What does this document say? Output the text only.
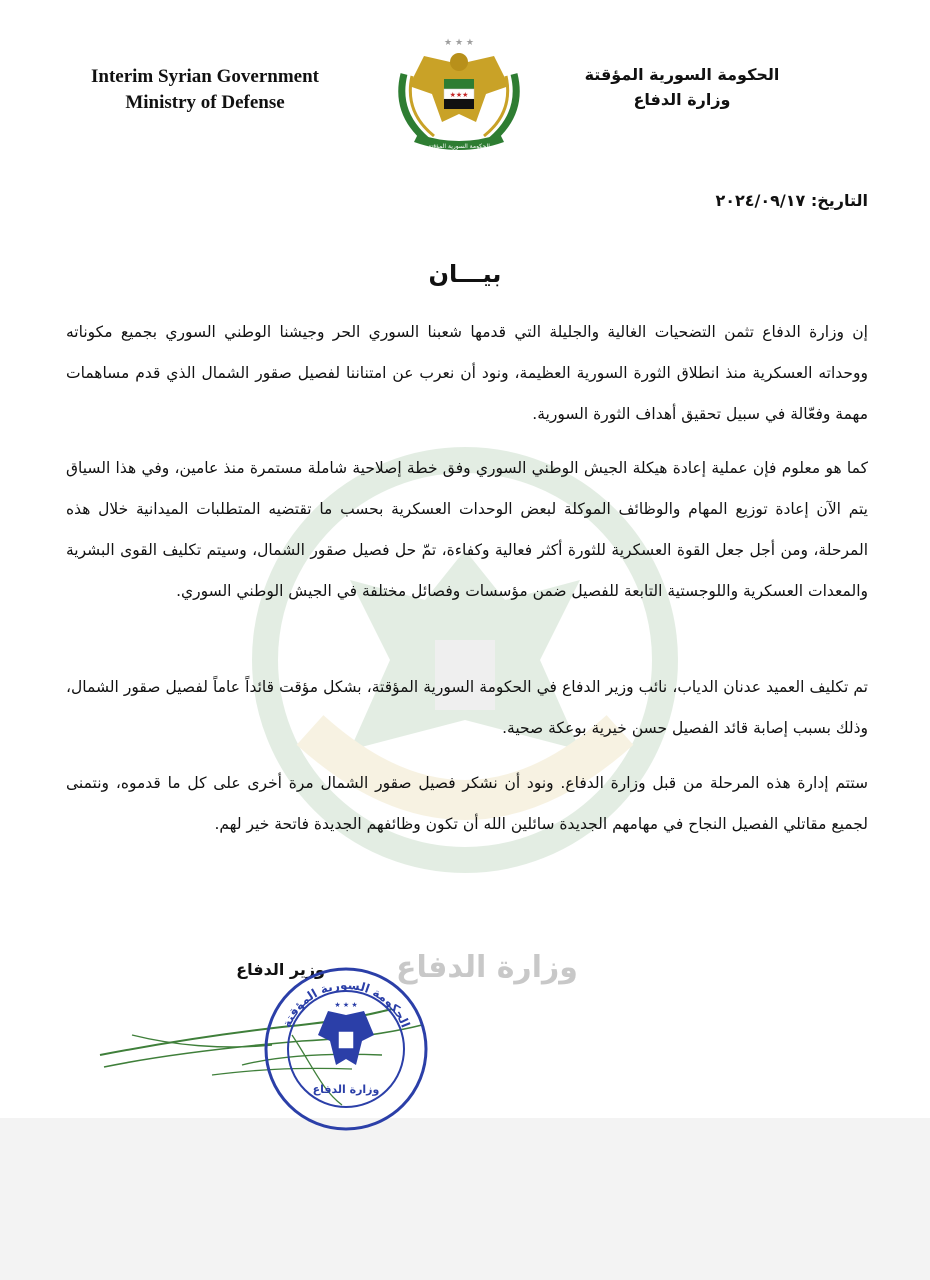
Interim Syrian Government
Ministry of Defense
★ ★ ★
★★★
الحكومة السورية المؤقتة
الحكومة السورية المؤقتة
وزارة الدفاع
التاريخ: ٢٠٢٤/٠٩/١٧
بيـــان
إن وزارة الدفاع تثمن التضحيات الغالية والجليلة التي قدمها شعبنا السوري الحر وجيشنا الوطني السوري بجميع مكوناته ووحداته العسكرية منذ انطلاق الثورة السورية العظيمة، ونود أن نعرب عن امتناننا لفصيل صقور الشمال الذي قدم مساهمات مهمة وفعّالة في سبيل تحقيق أهداف الثورة السورية.
كما هو معلوم فإن عملية إعادة هيكلة الجيش الوطني السوري وفق خطة إصلاحية شاملة مستمرة منذ عامين، وفي هذا السياق يتم الآن إعادة توزيع المهام والوظائف الموكلة لبعض الوحدات العسكرية بحسب ما تقتضيه المتطلبات الميدانية خلال هذه المرحلة، ومن أجل جعل القوة العسكرية للثورة أكثر فعالية وكفاءة، تمّ حل فصيل صقور الشمال، وسيتم تكليف القوى البشرية والمعدات العسكرية واللوجستية التابعة للفصيل ضمن مؤسسات وفصائل مختلفة في الجيش الوطني السوري.
تم تكليف العميد عدنان الدياب، نائب وزير الدفاع في الحكومة السورية المؤقتة، بشكل مؤقت قائداً عاماً لفصيل صقور الشمال، وذلك بسبب إصابة قائد الفصيل حسن خيرية بوعكة صحية.
ستتم إدارة هذه المرحلة من قبل وزارة الدفاع. ونود أن نشكر فصيل صقور الشمال مرة أخرى على كل ما قدموه، ونتمنى لجميع مقاتلي الفصيل النجاح في مهامهم الجديدة سائلين الله أن تكون وظائفهم الجديدة فاتحة خير لهم.
وزارة الدفاع
وزير الدفاع
الحكومة السورية المؤقتة
★ ★ ★
وزارة الدفاع
